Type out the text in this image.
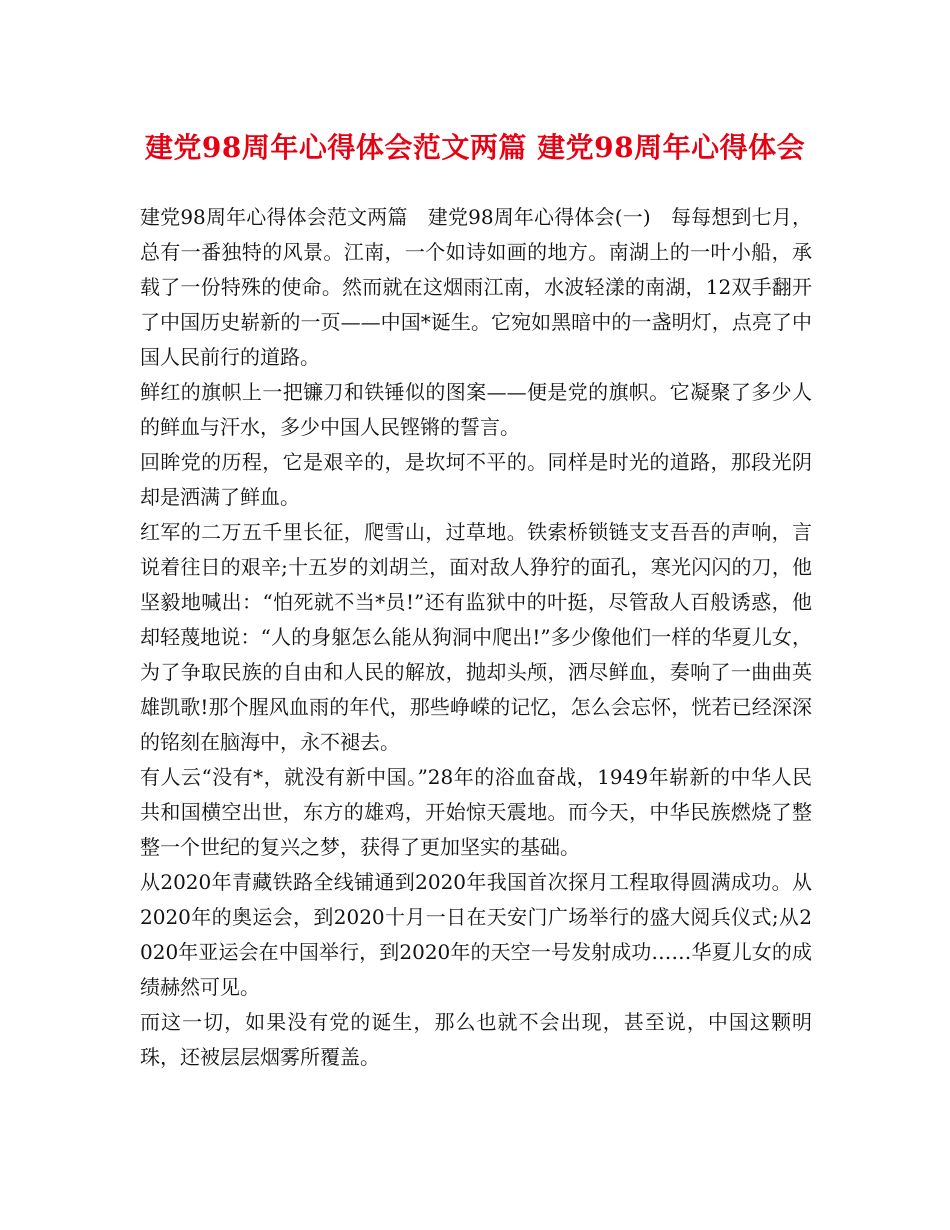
建党98周年心得体会范文两篇 建党98周年心得体会

建党98周年心得体会范文两篇　建党98周年心得体会(一)　每每想到七月，总有一番独特的风景。江南，一个如诗如画的地方。南湖上的一叶小船，承载了一份特殊的使命。然而就在这烟雨江南，水波轻漾的南湖，12双手翻开了中国历史崭新的一页——中国*诞生。它宛如黑暗中的一盏明灯，点亮了中国人民前行的道路。

鲜红的旗帜上一把镰刀和铁锤似的图案——便是党的旗帜。它凝聚了多少人的鲜血与汗水，多少中国人民铿锵的誓言。

回眸党的历程，它是艰辛的，是坎坷不平的。同样是时光的道路，那段光阴却是洒满了鲜血。

红军的二万五千里长征，爬雪山，过草地。铁索桥锁链支支吾吾的声响，言说着往日的艰辛;十五岁的刘胡兰，面对敌人狰狞的面孔，寒光闪闪的刀，他坚毅地喊出：“怕死就不当*员!”还有监狱中的叶挺，尽管敌人百般诱惑，他却轻蔑地说：“人的身躯怎么能从狗洞中爬出!”多少像他们一样的华夏儿女，为了争取民族的自由和人民的解放，抛却头颅，洒尽鲜血，奏响了一曲曲英雄凯歌!那个腥风血雨的年代，那些峥嵘的记忆，怎么会忘怀，恍若已经深深的铭刻在脑海中，永不褪去。

有人云“没有*，就没有新中国。”28年的浴血奋战，1949年崭新的中华人民共和国横空出世，东方的雄鸡，开始惊天震地。而今天，中华民族燃烧了整整一个世纪的复兴之梦，获得了更加坚实的基础。

从2020年青藏铁路全线铺通到2020年我国首次探月工程取得圆满成功。从2020年的奥运会，到2020十月一日在天安门广场举行的盛大阅兵仪式;从2020年亚运会在中国举行，到2020年的天空一号发射成功……华夏儿女的成绩赫然可见。

而这一切，如果没有党的诞生，那么也就不会出现，甚至说，中国这颗明珠，还被层层烟雾所覆盖。
